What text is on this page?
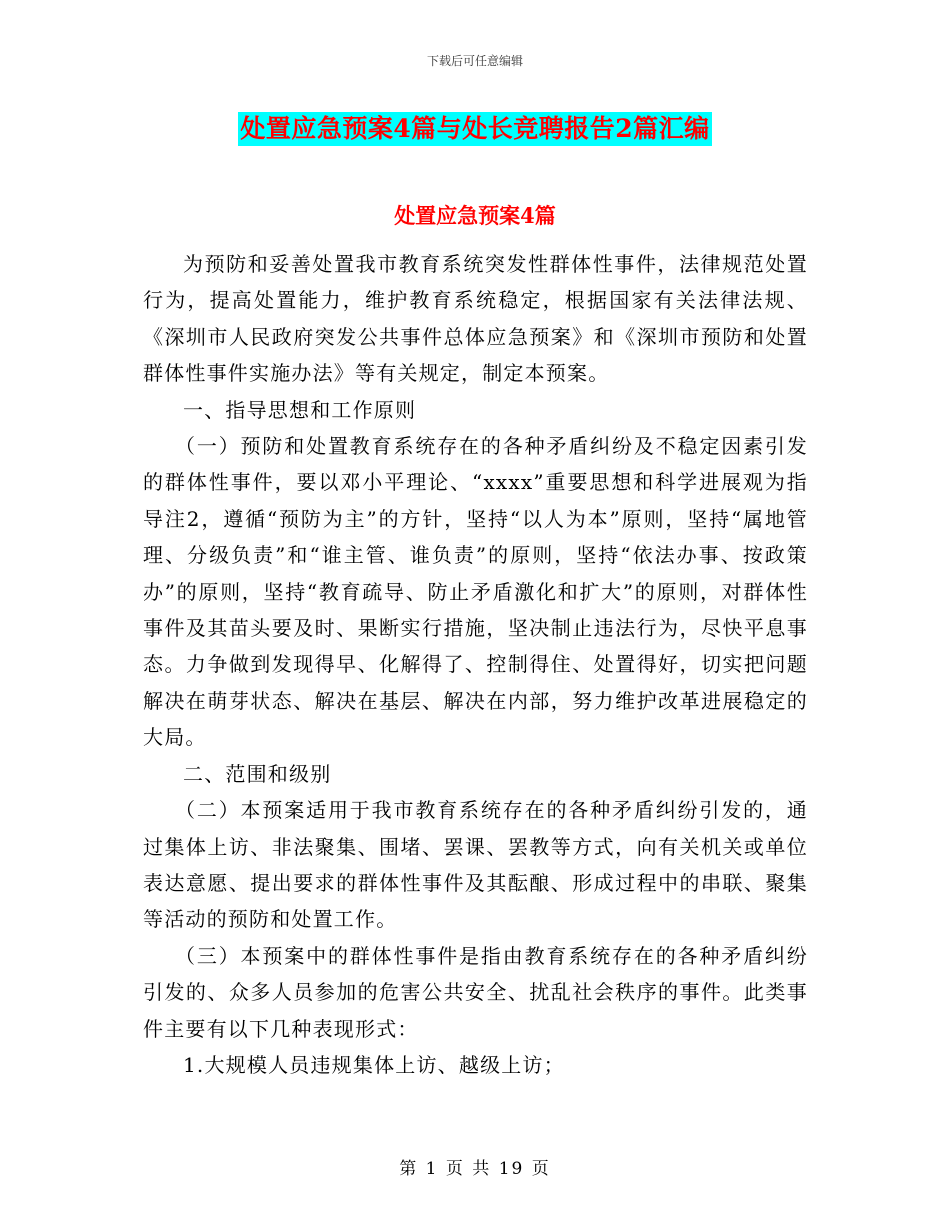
下载后可任意编辑
处置应急预案4篇与处长竞聘报告2篇汇编
处置应急预案4篇

为预防和妥善处置我市教育系统突发性群体性事件，法律规范处置行为，提高处置能力，维护教育系统稳定，根据国家有关法律法规、《深圳市人民政府突发公共事件总体应急预案》和《深圳市预防和处置群体性事件实施办法》等有关规定，制定本预案。

一、指导思想和工作原则

（一）预防和处置教育系统存在的各种矛盾纠纷及不稳定因素引发的群体性事件，要以邓小平理论、“xxxx”重要思想和科学进展观为指导注2，遵循“预防为主”的方针，坚持“以人为本”原则，坚持“属地管理、分级负责”和“谁主管、谁负责”的原则，坚持“依法办事、按政策办”的原则，坚持“教育疏导、防止矛盾激化和扩大”的原则，对群体性事件及其苗头要及时、果断实行措施，坚决制止违法行为，尽快平息事态。力争做到发现得早、化解得了、控制得住、处置得好，切实把问题解决在萌芽状态、解决在基层、解决在内部，努力维护改革进展稳定的大局。

二、范围和级别

（二）本预案适用于我市教育系统存在的各种矛盾纠纷引发的，通过集体上访、非法聚集、围堵、罢课、罢教等方式，向有关机关或单位表达意愿、提出要求的群体性事件及其酝酿、形成过程中的串联、聚集等活动的预防和处置工作。

（三）本预案中的群体性事件是指由教育系统存在的各种矛盾纠纷引发的、众多人员参加的危害公共安全、扰乱社会秩序的事件。此类事件主要有以下几种表现形式：

1.大规模人员违规集体上访、越级上访；

第 1 页 共 19 页
